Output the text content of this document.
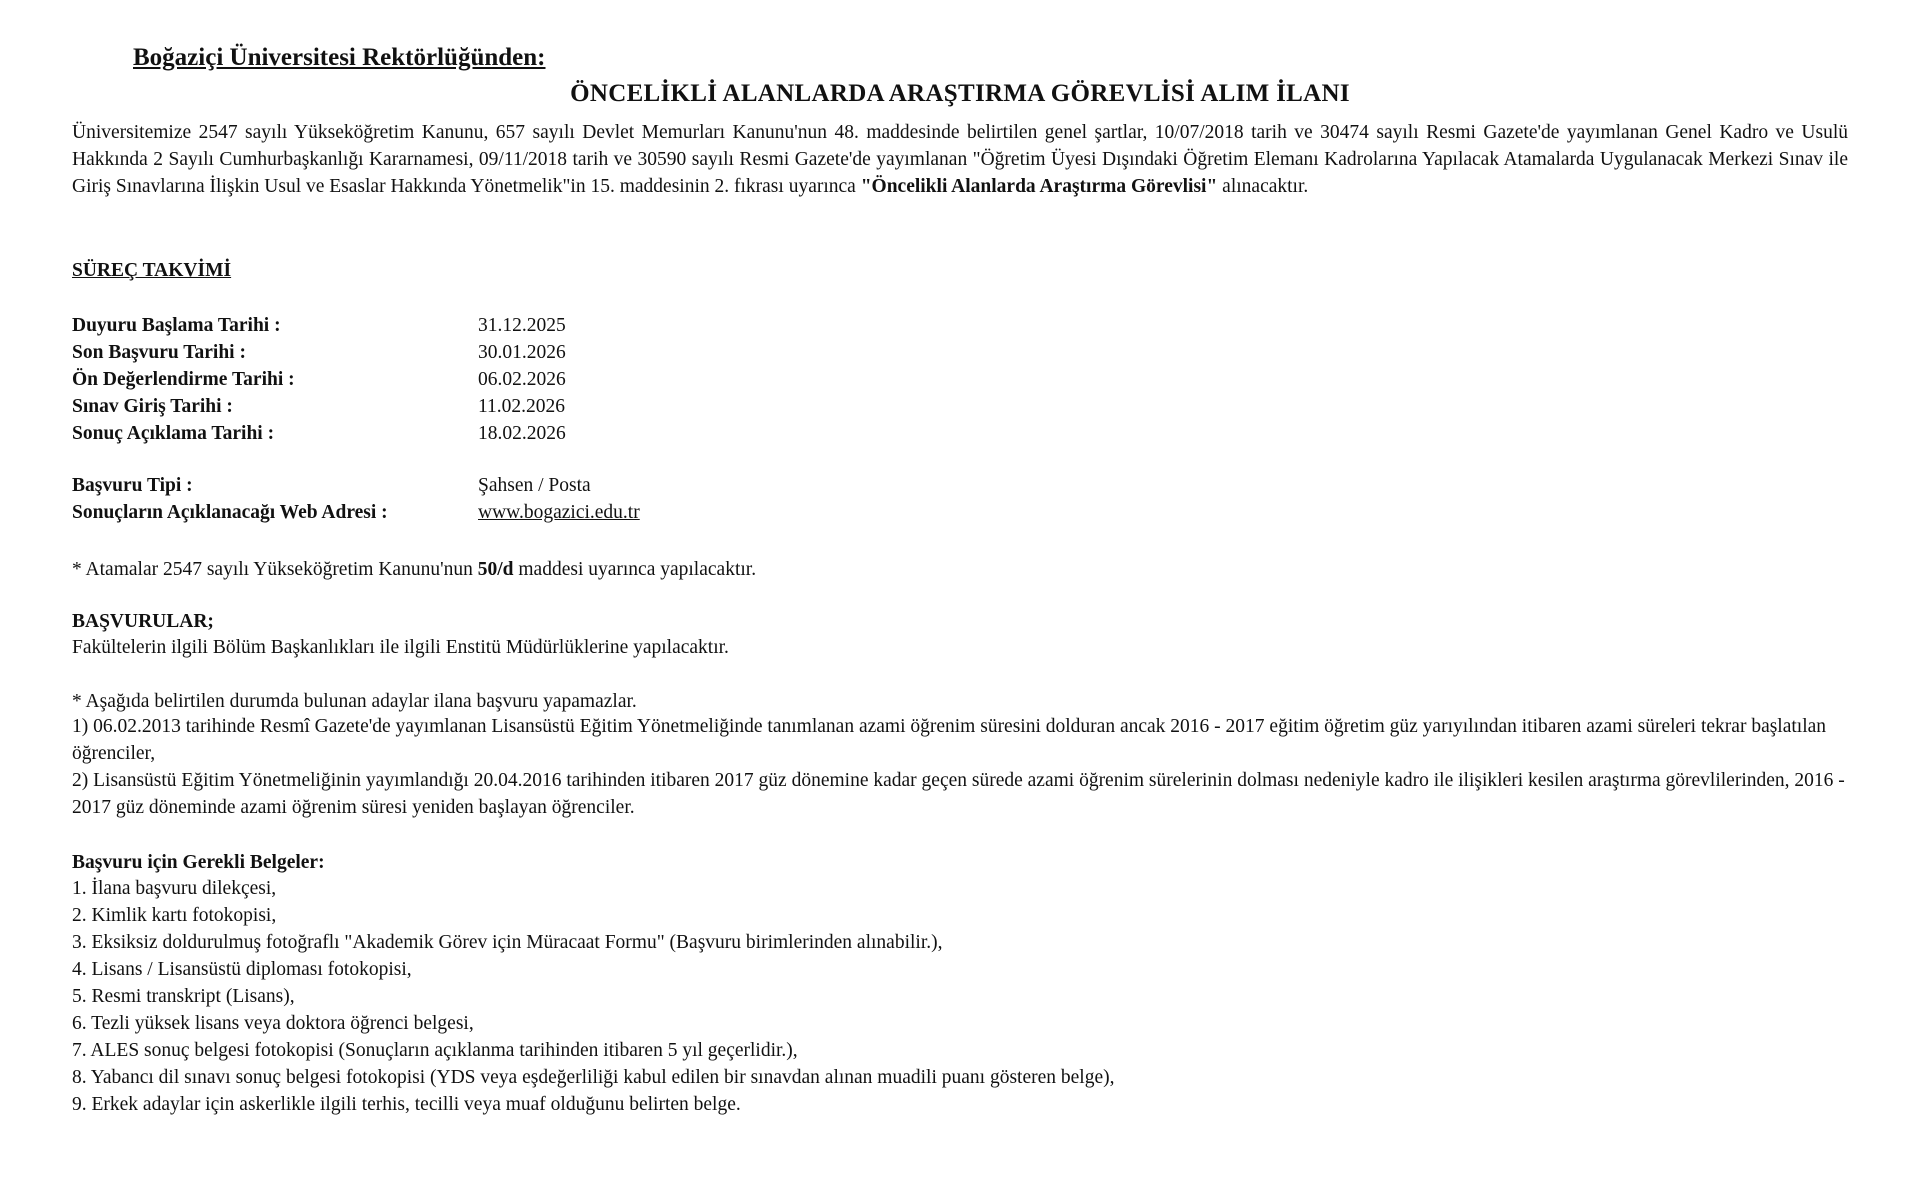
Boğaziçi Üniversitesi Rektörlüğünden:
ÖNCELİKLİ ALANLARDA ARAŞTIRMA GÖREVLİSİ ALIM İLANI
Üniversitemize 2547 sayılı Yükseköğretim Kanunu, 657 sayılı Devlet Memurları Kanunu'nun 48. maddesinde belirtilen genel şartlar, 10/07/2018 tarih ve 30474 sayılı Resmi Gazete'de yayımlanan Genel Kadro ve Usulü Hakkında 2 Sayılı Cumhurbaşkanlığı Kararnamesi, 09/11/2018 tarih ve 30590 sayılı Resmi Gazete'de yayımlanan "Öğretim Üyesi Dışındaki Öğretim Elemanı Kadrolarına Yapılacak Atamalarda Uygulanacak Merkezi Sınav ile Giriş Sınavlarına İlişkin Usul ve Esaslar Hakkında Yönetmelik"in 15. maddesinin 2. fıkrası uyarınca "Öncelikli Alanlarda Araştırma Görevlisi" alınacaktır.
SÜREÇ TAKVİMİ
Duyuru Başlama Tarihi :	31.12.2025
Son Başvuru Tarihi :	30.01.2026
Ön Değerlendirme Tarihi :	06.02.2026
Sınav Giriş Tarihi :	11.02.2026
Sonuç Açıklama Tarihi :	18.02.2026
Başvuru Tipi :	Şahsen / Posta
Sonuçların Açıklanacağı Web Adresi :	www.bogazici.edu.tr
* Atamalar 2547 sayılı Yükseköğretim Kanunu'nun 50/d maddesi uyarınca yapılacaktır.
BAŞVURULAR;
Fakültelerin ilgili Bölüm Başkanlıkları ile ilgili Enstitü Müdürlüklerine yapılacaktır.
* Aşağıda belirtilen durumda bulunan adaylar ilana başvuru yapamazlar.
1) 06.02.2013 tarihinde Resmî Gazete'de yayımlanan Lisansüstü Eğitim Yönetmeliğinde tanımlanan azami öğrenim süresini dolduran ancak 2016 - 2017 eğitim öğretim güz yarıyılından itibaren azami süreleri tekrar başlatılan öğrenciler,
2) Lisansüstü Eğitim Yönetmeliğinin yayımlandığı 20.04.2016 tarihinden itibaren 2017 güz dönemine kadar geçen sürede azami öğrenim sürelerinin dolması nedeniyle kadro ile ilişikleri kesilen araştırma görevlilerinden, 2016 - 2017 güz döneminde azami öğrenim süresi yeniden başlayan öğrenciler.
Başvuru için Gerekli Belgeler:
1. İlana başvuru dilekçesi,
2. Kimlik kartı fotokopisi,
3. Eksiksiz doldurulmuş fotoğraflı "Akademik Görev için Müracaat Formu" (Başvuru birimlerinden alınabilir.),
4. Lisans / Lisansüstü diploması fotokopisi,
5. Resmi transkript (Lisans),
6. Tezli yüksek lisans veya doktora öğrenci belgesi,
7. ALES sonuç belgesi fotokopisi (Sonuçların açıklanma tarihinden itibaren 5 yıl geçerlidir.),
8. Yabancı dil sınavı sonuç belgesi fotokopisi (YDS veya eşdeğerliliği kabul edilen bir sınavdan alınan muadili puanı gösteren belge),
9. Erkek adaylar için askerlikle ilgili terhis, tecilli veya muaf olduğunu belirten belge.
